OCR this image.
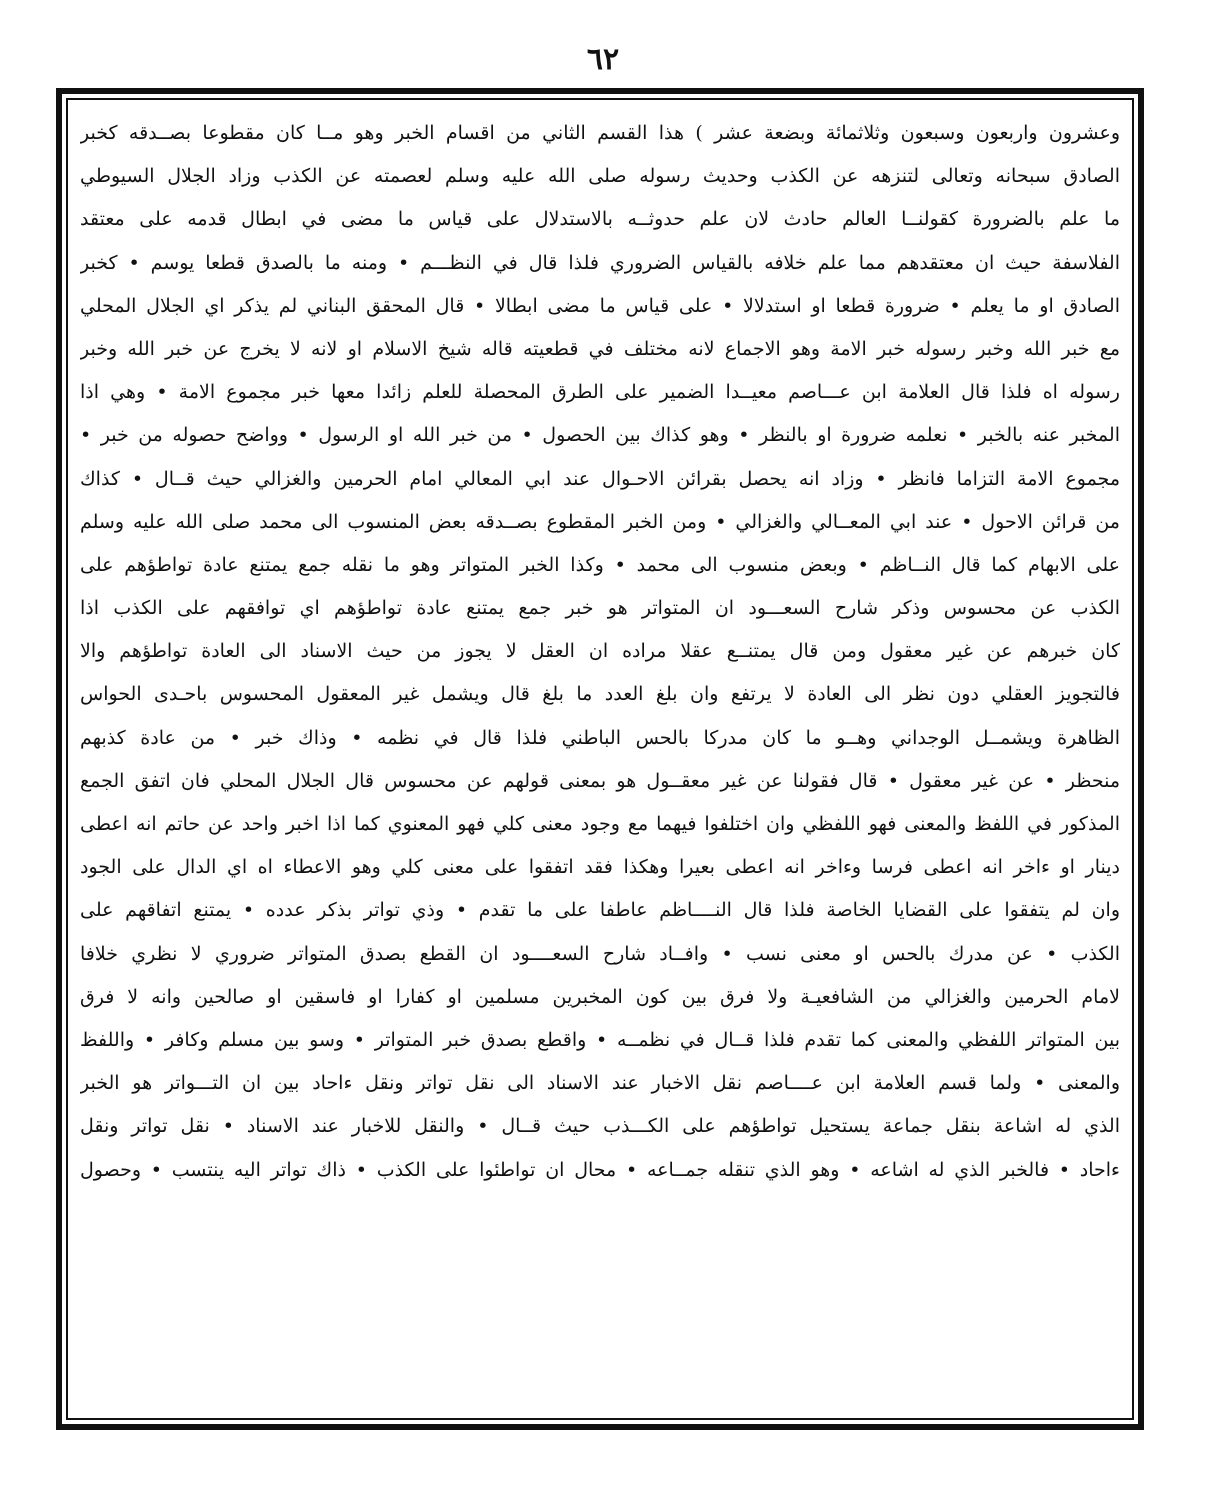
٦٢
وعشرون واربعون وسبعون وثلاثمائة وبضعة عشر ) هذا القسم الثاني من اقسام الخبر وهو مــا كان مقطوعا بصــدقه كخبر
الصادق سبحانه وتعالى لتنزهه عن الكذب وحديث رسوله صلى الله عليه وسلم لعصمته عن الكذب وزاد الجلال السيوطي
ما علم بالضرورة كقولنــا العالم حادث لان علم حدوثــه بالاستدلال على قياس ما مضى في ابطال قدمه على معتقد
الفلاسفة حيث ان معتقدهم مما علم خلافه بالقياس الضروري فلذا قال في النظـــم • ومنه ما بالصدق قطعا يوسم • كخبر
الصادق او ما يعلم • ضرورة قطعا او استدلالا • على قياس ما مضى ابطالا • قال المحقق البناني لم يذكر اي الجلال المحلي
مع خبر الله وخبر رسوله خبر الامة وهو الاجماع لانه مختلف في قطعيته قاله شيخ الاسلام او لانه لا يخرج عن خبر الله وخبر
رسوله اه فلذا قال العلامة ابن عـــاصم معيــدا الضمير على الطرق المحصلة للعلم زائدا معها خبر مجموع الامة • وهي اذا
المخبر عنه بالخبر • نعلمه ضرورة او بالنظر • وهو كذاك بين الحصول • من خبر الله او الرسول • وواضح حصوله من خبر •
مجموع الامة التزاما فانظر • وزاد انه يحصل بقرائن الاحـوال عند ابي المعالي امام الحرمين والغزالي حيث قــال • كذاك
من قرائن الاحول • عند ابي المعــالي والغزالي • ومن الخبر المقطوع بصــدقه بعض المنسوب الى محمد صلى الله عليه وسلم
على الابهام كما قال النــاظم • وبعض منسوب الى محمد • وكذا الخبر المتواتر وهو ما نقله جمع يمتنع عادة تواطؤهم على
الكذب عن محسوس وذكر شارح السعـــود ان المتواتر هو خبر جمع يمتنع عادة تواطؤهم اي توافقهم على الكذب اذا
كان خبرهم عن غير معقول ومن قال يمتنــع عقلا مراده ان العقل لا يجوز من حيث الاسناد الى العادة تواطؤهم والا
فالتجويز العقلي دون نظر الى العادة لا يرتفع وان بلغ العدد ما بلغ قال ويشمل غير المعقول المحسوس باحـدى الحواس
الظاهرة ويشمــل الوجداني وهــو ما كان مدركا بالحس الباطني فلذا قال في نظمه • وذاك خبر • من عادة كذبهم
منحظر • عن غير معقول • قال فقولنا عن غير معقــول هو بمعنى قولهم عن محسوس قال الجلال المحلي فان اتفق الجمع
المذكور في اللفظ والمعنى فهو اللفظي وان اختلفوا فيهما مع وجود معنى كلي فهو المعنوي كما اذا اخبر واحد عن حاتم انه اعطى
دينار او ءاخر انه اعطى فرسا وءاخر انه اعطى بعيرا وهكذا فقد اتفقوا على معنى كلي وهو الاعطاء اه اي الدال على الجود
وان لم يتفقوا على القضايا الخاصة فلذا قال النــــاظم عاطفا على ما تقدم • وذي تواتر بذكر عدده • يمتنع اتفاقهم على
الكذب • عن مدرك بالحس او معنى نسب • وافــاد شارح السعــــود ان القطع بصدق المتواتر ضروري لا نظري خلافا
لامام الحرمين والغزالي من الشافعيـة ولا فرق بين كون المخبرين مسلمين او كفارا او فاسقين او صالحين وانه لا فرق
بين المتواتر اللفظي والمعنى كما تقدم فلذا قــال في نظمــه • واقطع بصدق خبر المتواتر • وسو بين مسلم وكافر • واللفظ
والمعنى • ولما قسم العلامة ابن عــــاصم نقل الاخبار عند الاسناد الى نقل تواتر ونقل ءاحاد بين ان التـــواتر هو الخبر
الذي له اشاعة بنقل جماعة يستحيل تواطؤهم على الكـــذب حيث قــال • والنقل للاخبار عند الاسناد • نقل تواتر ونقل
ءاحاد • فالخبر الذي له اشاعه • وهو الذي تنقله جمــاعه • محال ان تواطئوا على الكذب • ذاك تواتر اليه ينتسب • وحصول
